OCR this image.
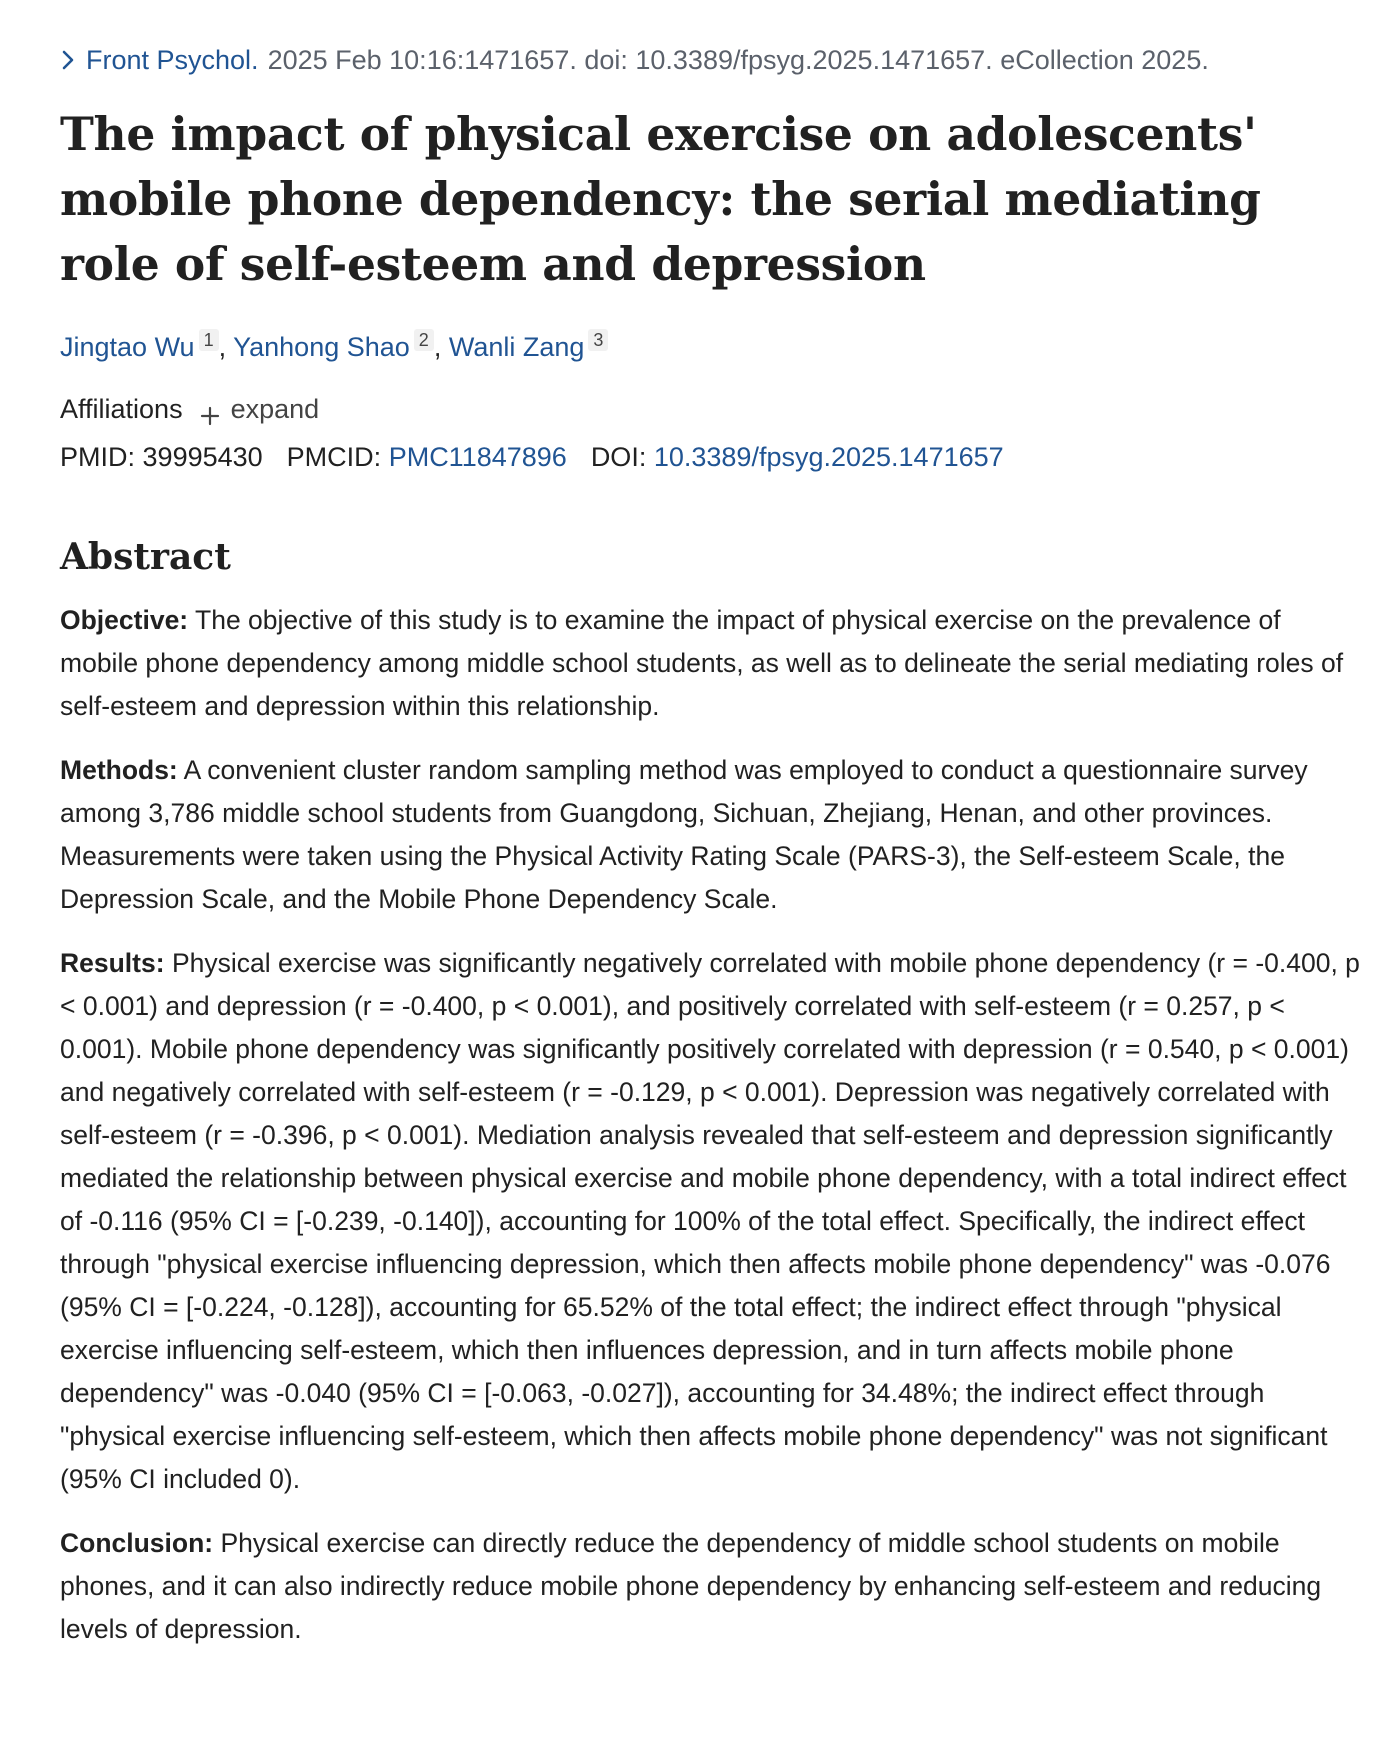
Front Psychol. 2025 Feb 10:16:1471657. doi: 10.3389/fpsyg.2025.1471657. eCollection 2025.
The impact of physical exercise on adolescents' mobile phone dependency: the serial mediating role of self-esteem and depression
Jingtao Wu 1 , Yanhong Shao 2 , Wanli Zang 3
Affiliations expand
PMID: 39995430 PMCID: PMC11847896 DOI: 10.3389/fpsyg.2025.1471657
Abstract

Objective: The objective of this study is to examine the impact of physical exercise on the prevalence of mobile phone dependency among middle school students, as well as to delineate the serial mediating roles of self-esteem and depression within this relationship.

Methods: A convenient cluster random sampling method was employed to conduct a questionnaire survey among 3,786 middle school students from Guangdong, Sichuan, Zhejiang, Henan, and other provinces. Measurements were taken using the Physical Activity Rating Scale (PARS-3), the Self-esteem Scale, the Depression Scale, and the Mobile Phone Dependency Scale.

Results: Physical exercise was significantly negatively correlated with mobile phone dependency (r = -0.400, p < 0.001) and depression (r = -0.400, p < 0.001), and positively correlated with self-esteem (r = 0.257, p < 0.001). Mobile phone dependency was significantly positively correlated with depression (r = 0.540, p < 0.001) and negatively correlated with self-esteem (r = -0.129, p < 0.001). Depression was negatively correlated with self-esteem (r = -0.396, p < 0.001). Mediation analysis revealed that self-esteem and depression significantly mediated the relationship between physical exercise and mobile phone dependency, with a total indirect effect of -0.116 (95% CI = [-0.239, -0.140]), accounting for 100% of the total effect. Specifically, the indirect effect through "physical exercise influencing depression, which then affects mobile phone dependency" was -0.076 (95% CI = [-0.224, -0.128]), accounting for 65.52% of the total effect; the indirect effect through "physical exercise influencing self-esteem, which then influences depression, and in turn affects mobile phone dependency" was -0.040 (95% CI = [-0.063, -0.027]), accounting for 34.48%; the indirect effect through "physical exercise influencing self-esteem, which then affects mobile phone dependency" was not significant (95% CI included 0).

Conclusion: Physical exercise can directly reduce the dependency of middle school students on mobile phones, and it can also indirectly reduce mobile phone dependency by enhancing self-esteem and reducing levels of depression.
